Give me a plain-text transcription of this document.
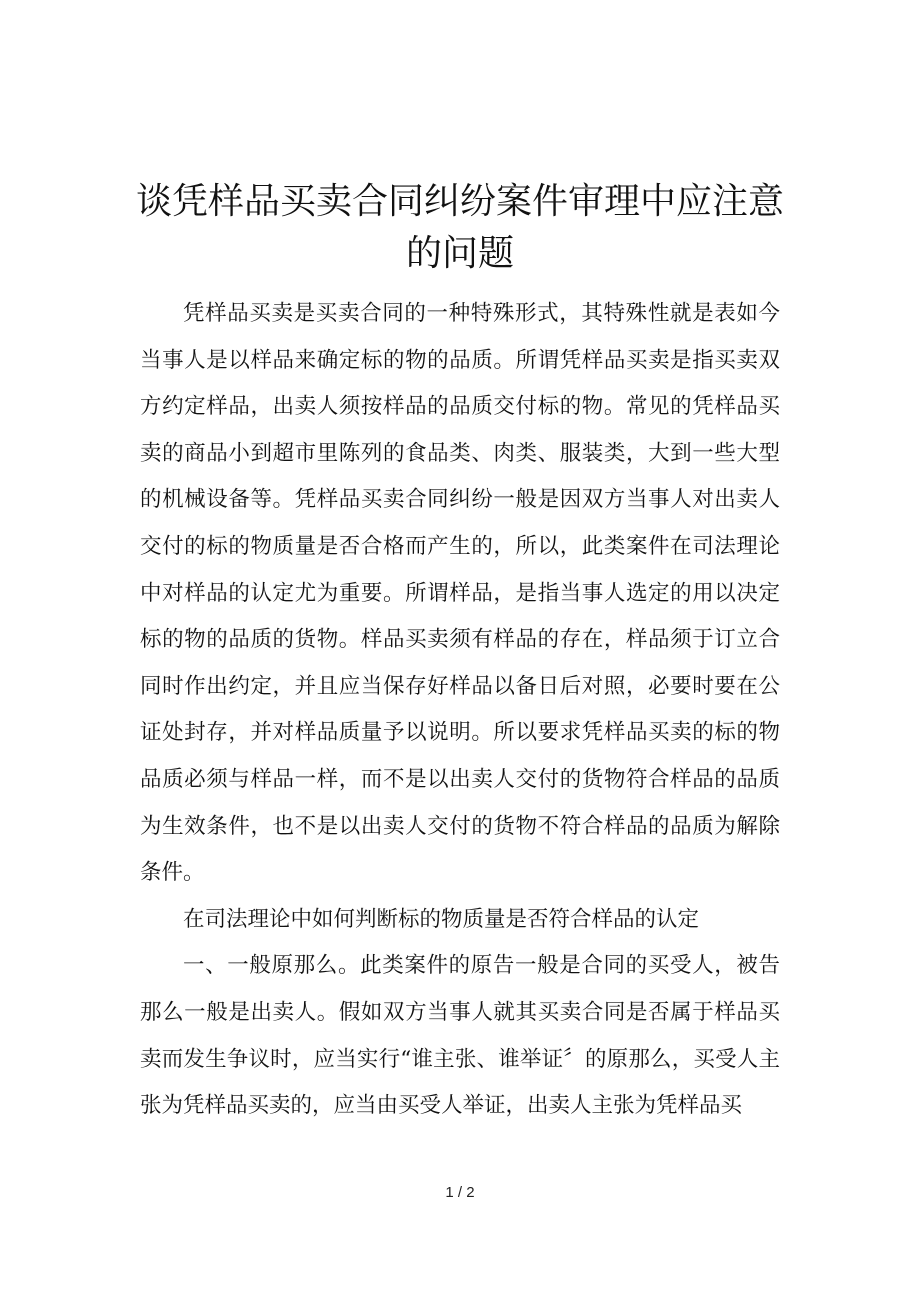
谈凭样品买卖合同纠纷案件审理中应注意的问题

凭样品买卖是买卖合同的一种特殊形式，其特殊性就是表如今当事人是以样品来确定标的物的品质。所谓凭样品买卖是指买卖双方约定样品，出卖人须按样品的品质交付标的物。常见的凭样品买卖的商品小到超市里陈列的食品类、肉类、服装类，大到一些大型的机械设备等。凭样品买卖合同纠纷一般是因双方当事人对出卖人交付的标的物质量是否合格而产生的，所以，此类案件在司法理论中对样品的认定尤为重要。所谓样品，是指当事人选定的用以决定标的物的品质的货物。样品买卖须有样品的存在，样品须于订立合同时作出约定，并且应当保存好样品以备日后对照，必要时要在公证处封存，并对样品质量予以说明。所以要求凭样品买卖的标的物品质必须与样品一样，而不是以出卖人交付的货物符合样品的品质为生效条件，也不是以出卖人交付的货物不符合样品的品质为解除条件。

在司法理论中如何判断标的物质量是否符合样品的认定

一、一般原那么。此类案件的原告一般是合同的买受人，被告那么一般是出卖人。假如双方当事人就其买卖合同是否属于样品买卖而发生争议时，应当实行“谁主张、谁举证〞的原那么，买受人主张为凭样品买卖的，应当由买受人举证，出卖人主张为凭样品买

1 / 2
